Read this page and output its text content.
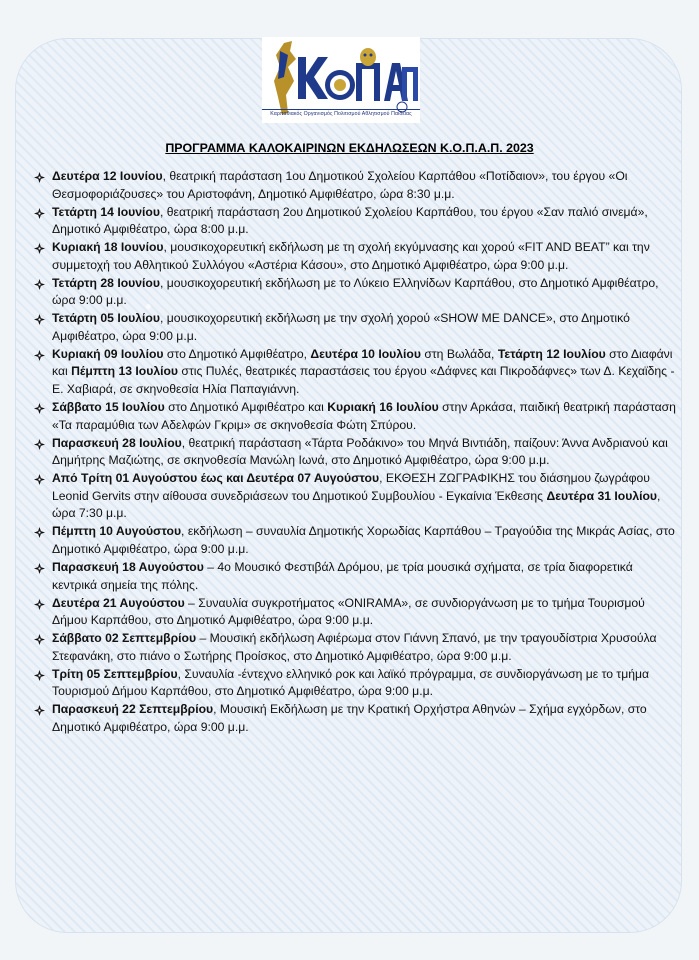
Καρπαθιακός Οργανισμός Πολιτισμού Αθλητισμού Παιδείας
ΠΡΟΓΡΑΜΜΑ ΚΑΛΟΚΑΙΡΙΝΩΝ ΕΚΔΗΛΩΣΕΩΝ Κ.Ο.Π.Α.Π. 2023
Δευτέρα 12 Ιουνίου, θεατρική παράσταση 1ου Δημοτικού Σχολείου Καρπάθου «Ποτίδαιον», του έργου «Οι Θεσμοφοριάζουσες» του Αριστοφάνη, Δημοτικό Αμφιθέατρο, ώρα 8:30 μ.μ.
Τετάρτη 14 Ιουνίου, θεατρική παράσταση 2ου Δημοτικού Σχολείου Καρπάθου, του έργου «Σαν παλιό σινεμά», Δημοτικό Αμφιθέατρο, ώρα 8:00 μ.μ.
Κυριακή 18 Ιουνίου, μουσικοχορευτική εκδήλωση με τη σχολή εκγύμνασης και χορού «FIT AND BEAT” και την συμμετοχή του Αθλητικού Συλλόγου «Αστέρια Κάσου», στο Δημοτικό Αμφιθέατρο, ώρα 9:00 μ.μ.
Τετάρτη 28 Ιουνίου, μουσικοχορευτική εκδήλωση με το Λύκειο Ελληνίδων Καρπάθου, στο Δημοτικό Αμφιθέατρο, ώρα 9:00 μ.μ.
Τετάρτη 05 Ιουλίου, μουσικοχορευτική εκδήλωση με την σχολή χορού «SHOW ME DANCE», στο Δημοτικό Αμφιθέατρο, ώρα 9:00 μ.μ.
Κυριακή 09 Ιουλίου στο Δημοτικό Αμφιθέατρο, Δευτέρα 10 Ιουλίου στη Βωλάδα, Τετάρτη 12 Ιουλίου στο Διαφάνι και Πέμπτη 13 Ιουλίου στις Πυλές, θεατρικές παραστάσεις του έργου «Δάφνες και Πικροδάφνες» των Δ. Κεχαϊδης - Ε. Χαβιαρά, σε σκηνοθεσία Ηλία Παπαγιάννη.
Σάββατο 15 Ιουλίου στο Δημοτικό Αμφιθέατρο και Κυριακή 16 Ιουλίου στην Αρκάσα, παιδική θεατρική παράσταση «Τα παραμύθια των Αδελφών Γκριμ» σε σκηνοθεσία Φώτη Σπύρου.
Παρασκευή 28 Ιουλίου, θεατρική παράσταση «Τάρτα Ροδάκινο» του Μηνά Βιντιάδη, παίζουν: Άννα Ανδριανού και Δημήτρης Μαζιώτης, σε σκηνοθεσία Μανώλη Ιωνά, στο Δημοτικό Αμφιθέατρο, ώρα 9:00 μ.μ.
Από Τρίτη 01 Αυγούστου έως και Δευτέρα 07 Αυγούστου, ΕΚΘΕΣΗ ΖΩΓΡΑΦΙΚΗΣ του διάσημου ζωγράφου Leonid Gervits στην αίθουσα συνεδριάσεων του Δημοτικού Συμβουλίου - Εγκαίνια Έκθεσης Δευτέρα 31 Ιουλίου, ώρα 7:30 μ.μ.
Πέμπτη 10 Αυγούστου, εκδήλωση – συναυλία Δημοτικής Χορωδίας Καρπάθου – Τραγούδια της Μικράς Ασίας, στο Δημοτικό Αμφιθέατρο, ώρα 9:00 μ.μ.
Παρασκευή 18 Αυγούστου – 4ο Μουσικό Φεστιβάλ Δρόμου, με τρία μουσικά σχήματα, σε τρία διαφορετικά κεντρικά σημεία της πόλης.
Δευτέρα 21 Αυγούστου – Συναυλία συγκροτήματος «ONIRAMA», σε συνδιοργάνωση με το τμήμα Τουρισμού Δήμου Καρπάθου, στο Δημοτικό Αμφιθέατρο, ώρα 9:00 μ.μ.
Σάββατο 02 Σεπτεμβρίου – Μουσική εκδήλωση Αφιέρωμα στον Γιάννη Σπανό, με την τραγουδίστρια Χρυσούλα Στεφανάκη, στο πιάνο ο Σωτήρης Προίσκος, στο Δημοτικό Αμφιθέατρο, ώρα 9:00 μ.μ.
Τρίτη 05 Σεπτεμβρίου, Συναυλία -έντεχνο ελληνικό ροκ και λαϊκό πρόγραμμα, σε συνδιοργάνωση με το τμήμα Τουρισμού Δήμου Καρπάθου, στο Δημοτικό Αμφιθέατρο, ώρα 9:00 μ.μ.
Παρασκευή 22 Σεπτεμβρίου, Μουσική Εκδήλωση με την Κρατική Ορχήστρα Αθηνών – Σχήμα εγχόρδων, στο Δημοτικό Αμφιθέατρο, ώρα 9:00 μ.μ.
